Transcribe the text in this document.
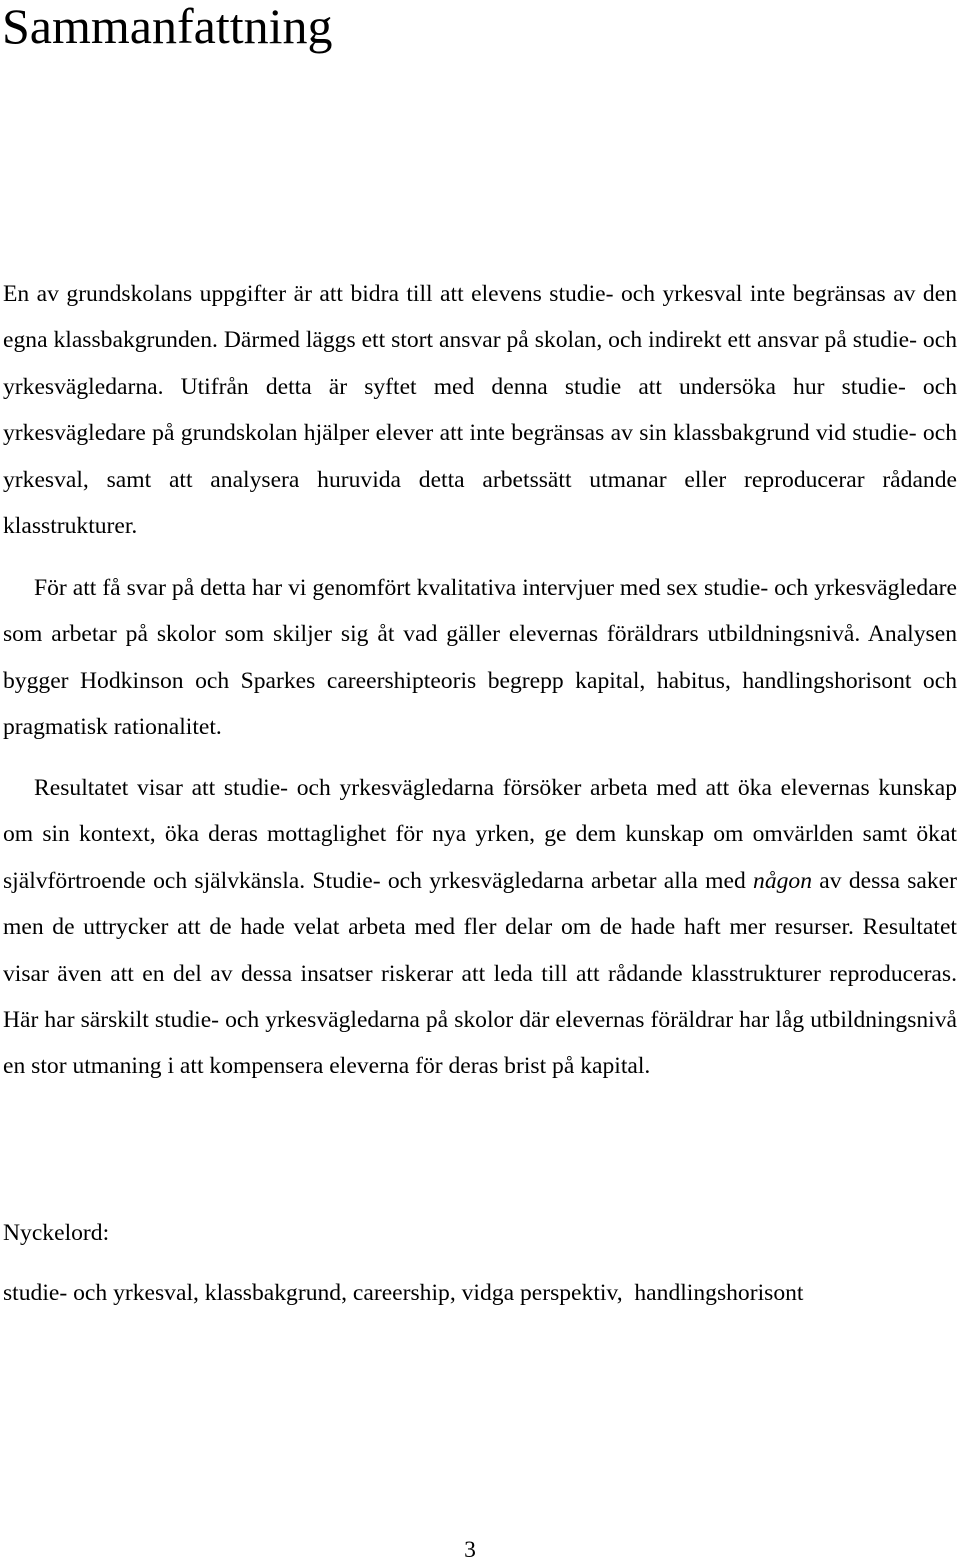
Sammanfattning

En av grundskolans uppgifter är att bidra till att elevens studie- och yrkesval inte begränsas av den egna klassbakgrunden. Därmed läggs ett stort ansvar på skolan, och indirekt ett ansvar på studie- och yrkesvägledarna. Utifrån detta är syftet med denna studie att undersöka hur studie- och yrkesvägledare på grundskolan hjälper elever att inte begränsas av sin klassbakgrund vid studie- och yrkesval, samt att analysera huruvida detta arbetssätt utmanar eller reproducerar rådande klasstrukturer.

För att få svar på detta har vi genomfört kvalitativa intervjuer med sex studie- och yrkesvägledare som arbetar på skolor som skiljer sig åt vad gäller elevernas föräldrars utbildningsnivå. Analysen bygger Hodkinson och Sparkes careershipteoris begrepp kapital, habitus, handlingshorisont och pragmatisk rationalitet.

Resultatet visar att studie- och yrkesvägledarna försöker arbeta med att öka elevernas kunskap om sin kontext, öka deras mottaglighet för nya yrken, ge dem kunskap om omvärlden samt ökat självförtroende och självkänsla. Studie- och yrkesvägledarna arbetar alla med någon av dessa saker men de uttrycker att de hade velat arbeta med fler delar om de hade haft mer resurser. Resultatet visar även att en del av dessa insatser riskerar att leda till att rådande klasstrukturer reproduceras. Här har särskilt studie- och yrkesvägledarna på skolor där elevernas föräldrar har låg utbildningsnivå en stor utmaning i att kompensera eleverna för deras brist på kapital.

Nyckelord:

studie- och yrkesval, klassbakgrund, careership, vidga perspektiv,  handlingshorisont

3
